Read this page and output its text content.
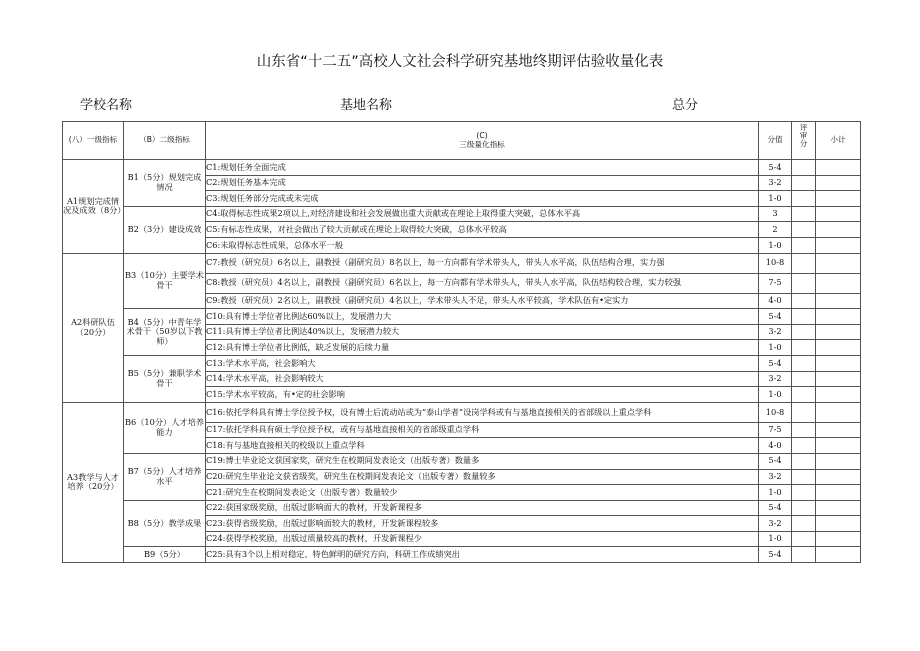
山东省“十二五”高校人文社会科学研究基地终期评估验收量化表
学校名称	基地名称	总分
(八）一级指标	（B）二级指标	(C)
三级量化指标	分值	评审分	小计
A1规划完成情况及成效（8分）	B1（5分）规划完成情况	C1:规划任务全面完成	5-4		
		C2:规划任务基本完成	3-2		
		C3:规划任务部分完成或未完成	1-0		
	B2（3分）建设成效	C4:取得标志性成果2项以上,对经济建设和社会发展做出重大贡献或在理论上取得重大突破，总体水平高	3		
		C5:有标志性成果，对社会做出了较大贡献或在理论上取得较大突破，总体水平较高	2		
		C6:未取得标志性成果，总体水平一般	1-0		
A2科研队伍（20分）	B3（10分）主要学术骨干	C7:教授（研究员）6名以上，副教授（副研究员）8名以上，每一方向都有学术带头人，带头人水平高，队伍结构合理，实力强	10-8		
		C8:教授（研究员）4名以上，副教授（副研究员）6名以上，每一方向都有学术带头人，带头人水平高，队伍结构较合理，实力较强	7-5		
		C9:教授（研究员）2名以上，副教授（副研究员）4名以上，学术带头人不足，带头人水平较高，学术队伍有•定实力	4-0		
	B4（5分）中青年学术骨干（50岁以下教师）	C10:具有博士学位者比例达60%以上，发展潜力大	5-4		
		C11:具有博士学位者比例达40%以上，发展潜力较大	3-2		
		C12:具有博士学位者比例低，缺乏发展的后续力量	1-0		
	B5（5分）兼职学术骨干	C13:学术水平高，社会影响大	5-4		
		C14:学术水平高，社会影响较大	3-2		
		C15:学术水平较高，有•定的社会影响	1-0		
A3教学与人才培养（20分）	B6（10分）人才培养能力	C16:依托学科具有博士学位授予权，设有博士后流动站或为“泰山学者”设岗学科或有与基地直接相关的省部级以上重点学科	10-8		
		C17:依托学科具有硕士学位授予权，或有与基地直接相关的省部级重点学科	7-5		
		C18:有与基地直接相关的校级以上重点学科	4-0		
	B7（5分）人才培养水平	C19:博士毕业论文获国家奖，研究生在校期间发表论文（出版专著）数量多	5-4		
		C20:研究生毕业论文获省级奖，研究生在校期间发表论文（出版专著）数量较多	3-2		
		C21:研究生在校期间发表论文（出版专著）数量较少	1-0		
	B8（5分）教学成果	C22:获国家级奖励，出版过影响面大的教材，开发新课程多	5-4		
		C23:获得省级奖励，出版过影响面较大的教材，开发新课程较多	3-2		
		C24:获得学校奖励，出版过质量较高的教材，开发新课程少	1-0		
	B9（5分）	C25:具有3个以上相对稳定、特色鲜明的研究方向，科研工作成绩突出	5-4		
